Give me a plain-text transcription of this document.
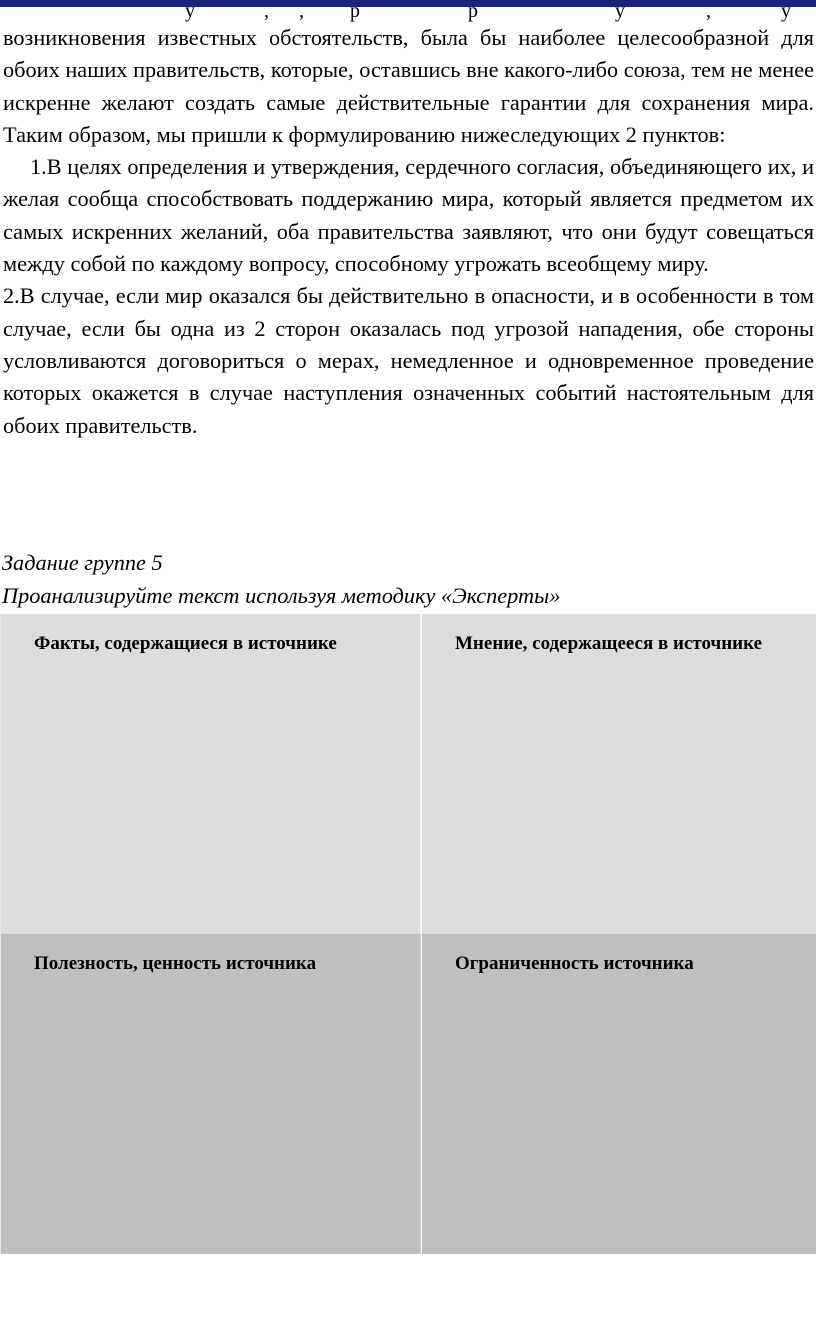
у	, , р	р	у	,	у

возникновения известных обстоятельств, была бы наиболее целесообразной для обоих наших правительств, которые, оставшись вне какого-либо союза, тем не менее искренне желают создать самые действительные гарантии для сохранения мира. Таким образом, мы пришли к формулированию нижеследующих 2 пунктов:

1.В целях определения и утверждения, сердечного согласия, объединяющего их, и желая сообща способствовать поддержанию мира, который является предметом их самых искренних желаний, оба правительства заявляют, что они будут совещаться между собой по каждому вопросу, способному угрожать всеобщему миру.

2.В случае, если мир оказался бы действительно в опасности, и в особенности в том случае, если бы одна из 2 сторон оказалась под угрозой нападения, обе стороны условливаются договориться о мерах, немедленное и одновременное проведение которых окажется в случае наступления означенных событий настоятельным для обоих правительств.

Задание группе 5
Проанализируйте текст используя методику «Эксперты»
Факты, содержащиеся в источнике	Мнение, содержащееся в источнике
Полезность, ценность источника	Ограниченность источника
